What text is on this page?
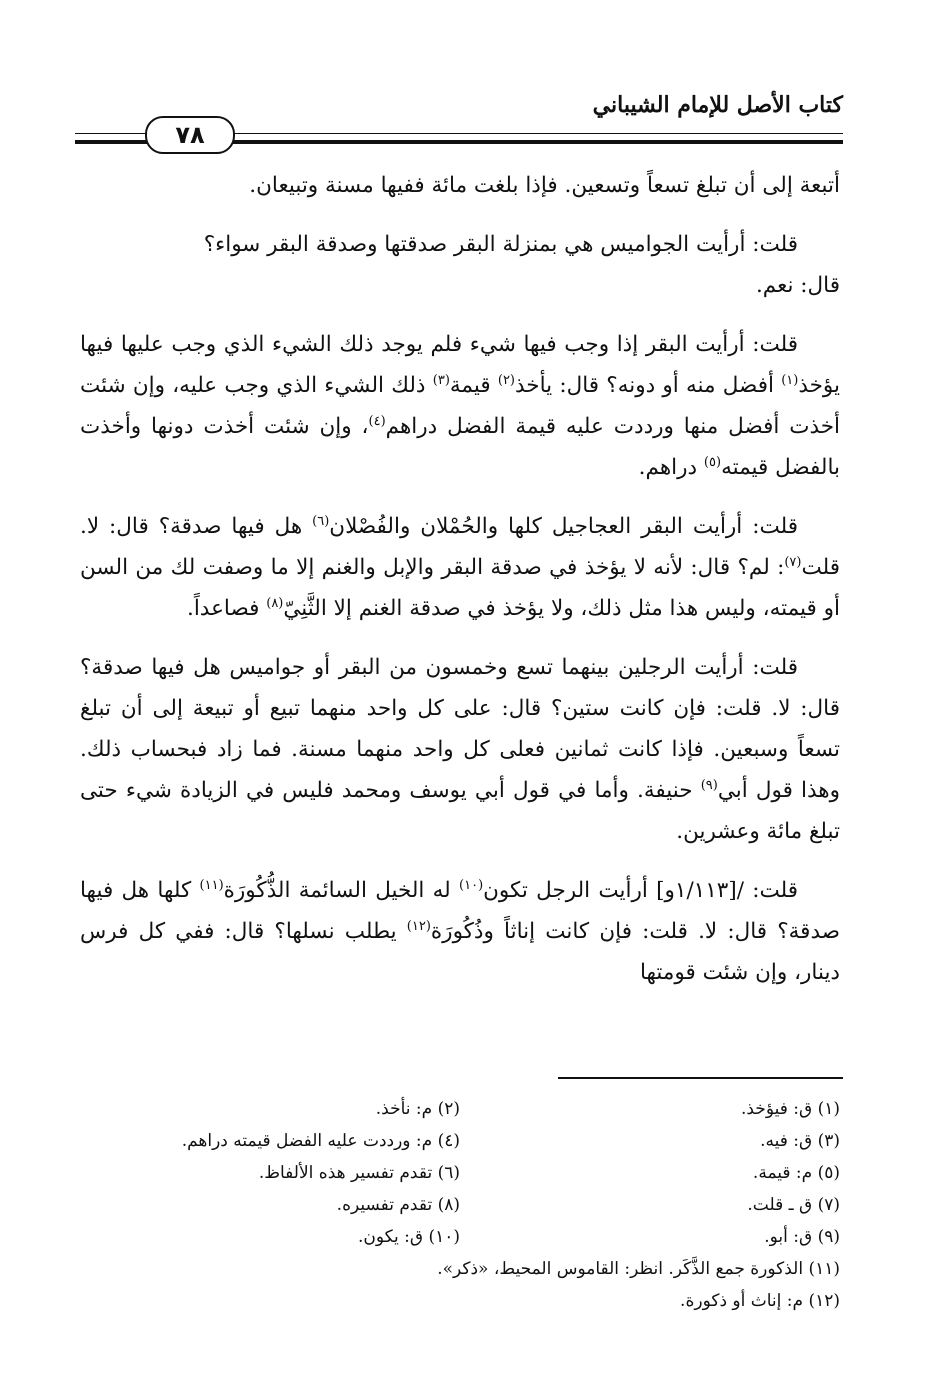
كتاب الأصل للإمام الشيباني
٧٨

أتبعة إلى أن تبلغ تسعاً وتسعين. فإذا بلغت مائة ففيها مسنة وتبيعان.

قلت: أرأيت الجواميس هي بمنزلة البقر صدقتها وصدقة البقر سواء؟

قال: نعم.

قلت: أرأيت البقر إذا وجب فيها شيء فلم يوجد ذلك الشيء الذي وجب عليها فيها يؤخذ$^{(١)}$ أفضل منه أو دونه؟ قال: يأخذ$^{(٢)}$ قيمة$^{(٣)}$ ذلك الشيء الذي وجب عليه، وإن شئت أخذت أفضل منها ورددت عليه قيمة الفضل دراهم$^{(٤)}$، وإن شئت أخذت دونها وأخذت بالفضل قيمته$^{(٥)}$ دراهم.

قلت: أرأيت البقر العجاجيل كلها والحُمْلان والفُصْلان$^{(٦)}$ هل فيها صدقة؟ قال: لا. قلت$^{(٧)}$: لم؟ قال: لأنه لا يؤخذ في صدقة البقر والإبل والغنم إلا ما وصفت لك من السن أو قيمته، وليس هذا مثل ذلك، ولا يؤخذ في صدقة الغنم إلا الثَّنِيّ$^{(٨)}$ فصاعداً.

قلت: أرأيت الرجلين بينهما تسع وخمسون من البقر أو جواميس هل فيها صدقة؟ قال: لا. قلت: فإن كانت ستين؟ قال: على كل واحد منهما تبيع أو تبيعة إلى أن تبلغ تسعاً وسبعين. فإذا كانت ثمانين فعلى كل واحد منهما مسنة. فما زاد فبحساب ذلك. وهذا قول أبي$^{(٩)}$ حنيفة. وأما في قول أبي يوسف ومحمد فليس في الزيادة شيء حتى تبلغ مائة وعشرين.

قلت: /[١/١١٣و] أرأيت الرجل تكون$^{(١٠)}$ له الخيل السائمة الذُّكُورَة$^{(١١)}$ كلها هل فيها صدقة؟ قال: لا. قلت: فإن كانت إناثاً وذُكُورَة$^{(١٢)}$ يطلب نسلها؟ قال: ففي كل فرس دينار، وإن شئت قومتها

(١) ق: فيؤخذ.
(٢) م: نأخذ.
(٣) ق: فيه.
(٤) م: ورددت عليه الفضل قيمته دراهم.
(٥) م: قيمة.
(٦) تقدم تفسير هذه الألفاظ.
(٧) ق ـ قلت.
(٨) تقدم تفسيره.
(٩) ق: أبو.
(١٠) ق: يكون.
(١١) الذكورة جمع الذَّكَر. انظر: القاموس المحيط، «ذكر».
(١٢) م: إناث أو ذكورة.
